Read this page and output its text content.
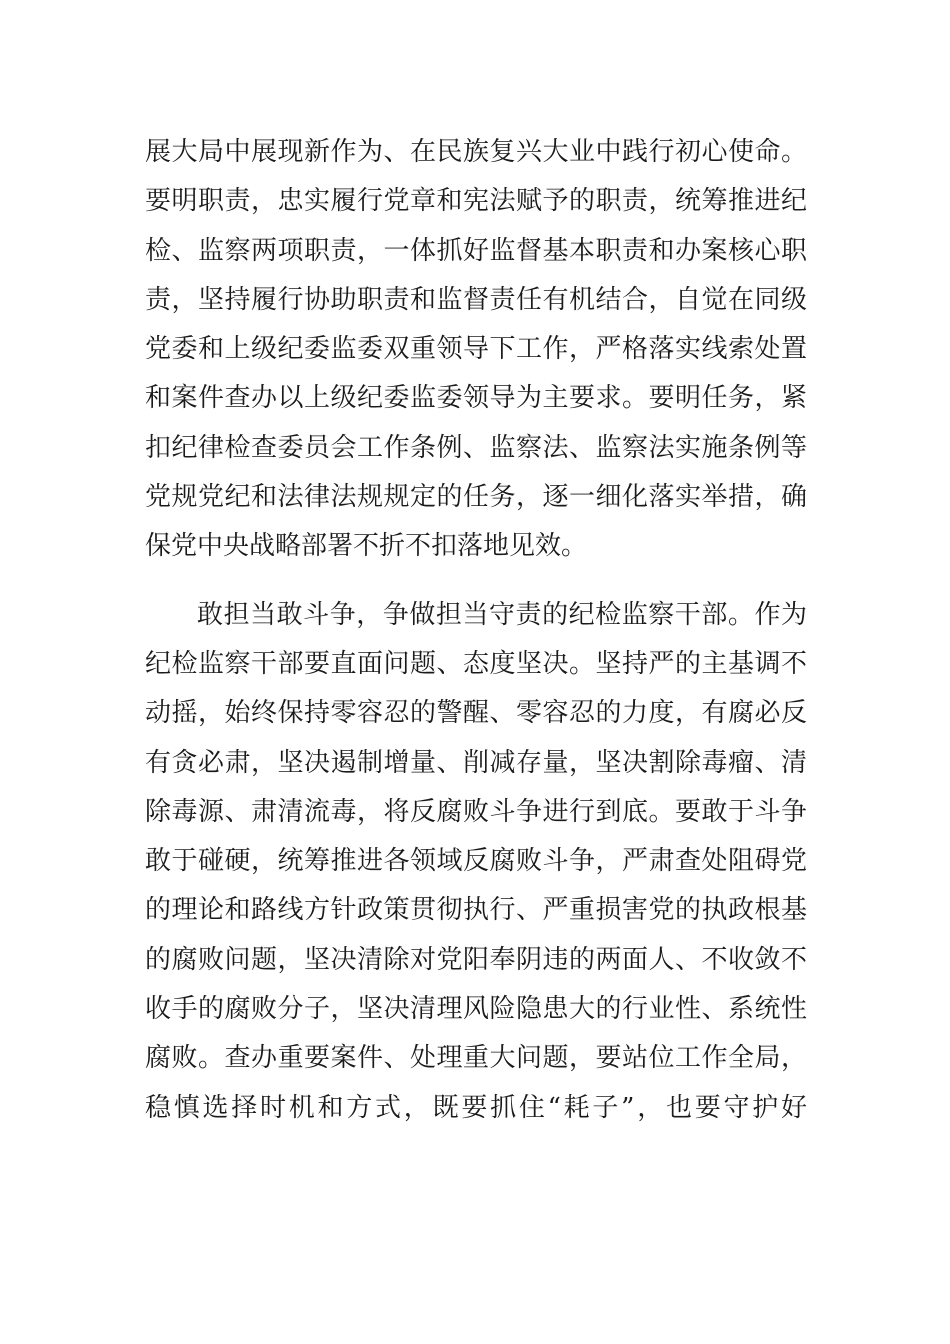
展大局中展现新作为、在民族复兴大业中践行初心使命。
要明职责，忠实履行党章和宪法赋予的职责，统筹推进纪
检、监察两项职责，一体抓好监督基本职责和办案核心职
责，坚持履行协助职责和监督责任有机结合，自觉在同级
党委和上级纪委监委双重领导下工作，严格落实线索处置
和案件查办以上级纪委监委领导为主要求。要明任务，紧
扣纪律检查委员会工作条例、监察法、监察法实施条例等
党规党纪和法律法规规定的任务，逐一细化落实举措，确
保党中央战略部署不折不扣落地见效。
敢担当敢斗争，争做担当守责的纪检监察干部。作为
纪检监察干部要直面问题、态度坚决。坚持严的主基调不
动摇，始终保持零容忍的警醒、零容忍的力度，有腐必反
有贪必肃，坚决遏制增量、削减存量，坚决割除毒瘤、清
除毒源、肃清流毒，将反腐败斗争进行到底。要敢于斗争
敢于碰硬，统筹推进各领域反腐败斗争，严肃查处阻碍党
的理论和路线方针政策贯彻执行、严重损害党的执政根基
的腐败问题，坚决清除对党阳奉阴违的两面人、不收敛不
收手的腐败分子，坚决清理风险隐患大的行业性、系统性
腐败。查办重要案件、处理重大问题，要站位工作全局，
稳慎选择时机和方式，既要抓住“耗子”，也要守护好
